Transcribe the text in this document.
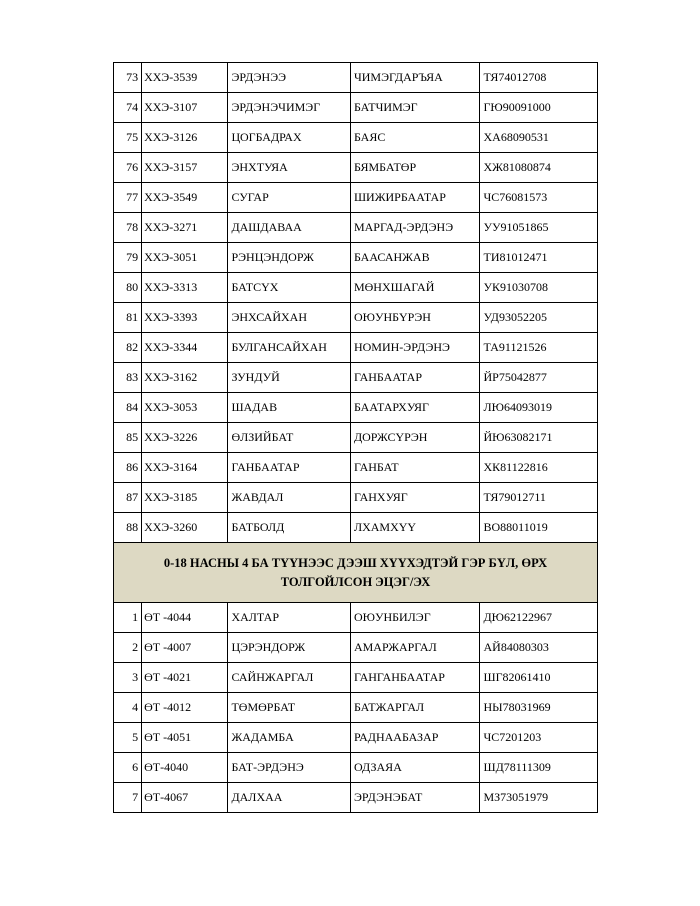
73	ХХЭ-3539	ЭРДЭНЭЭ	ЧИМЭГДАРЪЯА	ТЯ74012708
74	ХХЭ-3107	ЭРДЭНЭЧИМЭГ	БАТЧИМЭГ	ГЮ90091000
75	ХХЭ-3126	ЦОГБАДРАХ	БАЯС	ХА68090531
76	ХХЭ-3157	ЭНХТУЯА	БЯМБАТӨР	ХЖ81080874
77	ХХЭ-3549	СУГАР	ШИЖИРБААТАР	ЧС76081573
78	ХХЭ-3271	ДАШДАВАА	МАРГАД-ЭРДЭНЭ	УУ91051865
79	ХХЭ-3051	РЭНЦЭНДОРЖ	БААСАНЖАВ	ТИ81012471
80	ХХЭ-3313	БАТСҮХ	МӨНХШАГАЙ	УК91030708
81	ХХЭ-3393	ЭНХСАЙХАН	ОЮУНБҮРЭН	УД93052205
82	ХХЭ-3344	БУЛГАНСАЙХАН	НОМИН-ЭРДЭНЭ	ТА91121526
83	ХХЭ-3162	ЗУНДУЙ	ГАНБААТАР	ЙР75042877
84	ХХЭ-3053	ШАДАВ	БААТАРХУЯГ	ЛЮ64093019
85	ХХЭ-3226	ӨЛЗИЙБАТ	ДОРЖСҮРЭН	ЙЮ63082171
86	ХХЭ-3164	ГАНБААТАР	ГАНБАТ	ХК81122816
87	ХХЭ-3185	ЖАВДАЛ	ГАНХУЯГ	ТЯ79012711
88	ХХЭ-3260	БАТБОЛД	ЛХАМХҮҮ	ВО88011019
0-18 НАСНЫ 4 БА ТҮҮНЭЭС ДЭЭШ ХҮҮХЭДТЭЙ ГЭР БҮЛ, ӨРХ ТОЛГОЙЛСОН ЭЦЭГ/ЭХ				
1	ӨТ -4044	ХАЛТАР	ОЮУНБИЛЭГ	ДЮ62122967
2	ӨТ -4007	ЦЭРЭНДОРЖ	АМАРЖАРГАЛ	АЙ84080303
3	ӨТ -4021	САЙНЖАРГАЛ	ГАНГАНБААТАР	ШГ82061410
4	ӨТ -4012	ТӨМӨРБАТ	БАТЖАРГАЛ	НЫ78031969
5	ӨТ -4051	ЖАДАМБА	РАДНААБАЗАР	ЧС7201203
6	ӨТ-4040	БАТ-ЭРДЭНЭ	ОДЗАЯА	ШД78111309
7	ӨТ-4067	ДАЛХАА	ЭРДЭНЭБАТ	МЗ73051979
